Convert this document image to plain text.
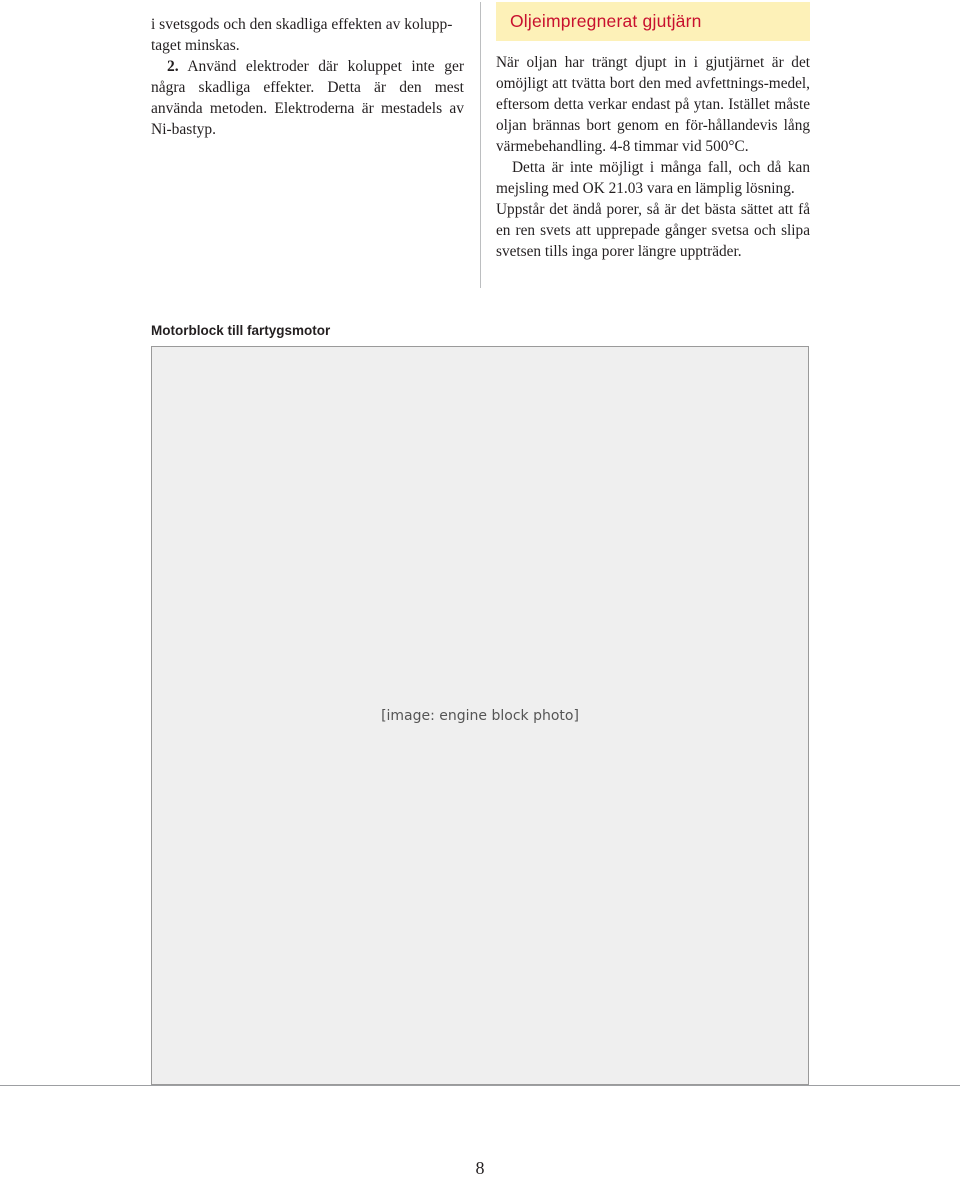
i svetsgods och den skadliga effekten av kolupp-

taget minskas.

2. Använd elektroder där koluppet inte ger några skadliga effekter. Detta är den mest använda metoden. Elektroderna är mestadels av Ni-bastyp.

Oljeimpregnerat gjutjärn

När oljan har trängt djupt in i gjutjärnet är det omöjligt att tvätta bort den med avfettnings-medel, eftersom detta verkar endast på ytan. Istället måste oljan brännas bort genom en för-hållandevis lång värmebehandling. 4-8 timmar vid 500°C.

Detta är inte möjligt i många fall, och då kan mejsling med OK 21.03 vara en lämplig lösning.

Uppstår det ändå porer, så är det bästa sättet att få en ren svets att upprepade gånger svetsa och slipa svetsen tills inga porer längre uppträder.

Motorblock till fartygsmotor
[image: engine block photo]
8
